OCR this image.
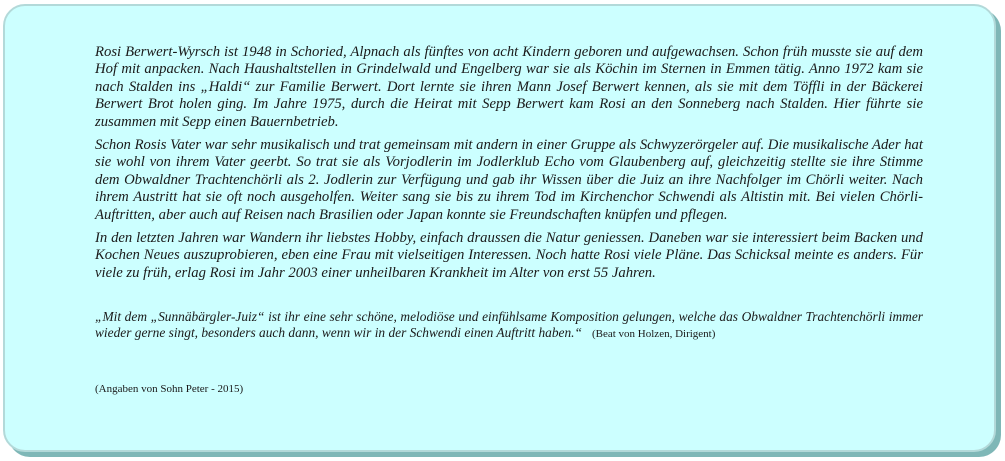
Rosi Berwert-Wyrsch ist 1948 in Schoried, Alpnach als fünftes von acht Kindern geboren und aufgewachsen. Schon früh musste sie auf dem Hof mit anpacken. Nach Haushaltstellen in Grindelwald und Engelberg war sie als Köchin im Sternen in Emmen tätig. Anno 1972 kam sie nach Stalden ins „Haldi“ zur Familie Berwert. Dort lernte sie ihren Mann Josef Berwert kennen, als sie mit dem Töffli in der Bäckerei Berwert Brot holen ging. Im Jahre 1975, durch die Heirat mit Sepp Berwert kam Rosi an den Sonneberg nach Stalden. Hier führte sie zusammen mit Sepp einen Bauernbetrieb.

Schon Rosis Vater war sehr musikalisch und trat gemeinsam mit andern in einer Gruppe als Schwyzerörgeler auf. Die musikalische Ader hat sie wohl von ihrem Vater geerbt. So trat sie als Vorjodlerin im Jodlerklub Echo vom Glaubenberg auf, gleichzeitig stellte sie ihre Stimme dem Obwaldner Trachtenchörli als 2. Jodlerin zur Verfügung und gab ihr Wissen über die Juiz an ihre Nachfolger im Chörli weiter. Nach ihrem Austritt hat sie oft noch ausgeholfen. Weiter sang sie bis zu ihrem Tod im Kirchenchor Schwendi als Altistin mit. Bei vielen Chörli-Auftritten, aber auch auf Reisen nach Brasilien oder Japan konnte sie Freundschaften knüpfen und pflegen.

In den letzten Jahren war Wandern ihr liebstes Hobby, einfach draussen die Natur geniessen. Daneben war sie interessiert beim Backen und Kochen Neues auszuprobieren, eben eine Frau mit vielseitigen Interessen. Noch hatte Rosi viele Pläne. Das Schicksal meinte es anders. Für viele zu früh, erlag Rosi im Jahr 2003 einer unheilbaren Krankheit im Alter von erst 55 Jahren.

„Mit dem „Sunnäbärgler-Juiz“ ist ihr eine sehr schöne, melodiöse und einfühlsame Komposition gelungen, welche das Obwaldner Trachtenchörli immer wieder gerne singt, besonders auch dann, wenn wir in der Schwendi einen Auftritt haben.“ (Beat von Holzen, Dirigent)

(Angaben von Sohn Peter - 2015)
